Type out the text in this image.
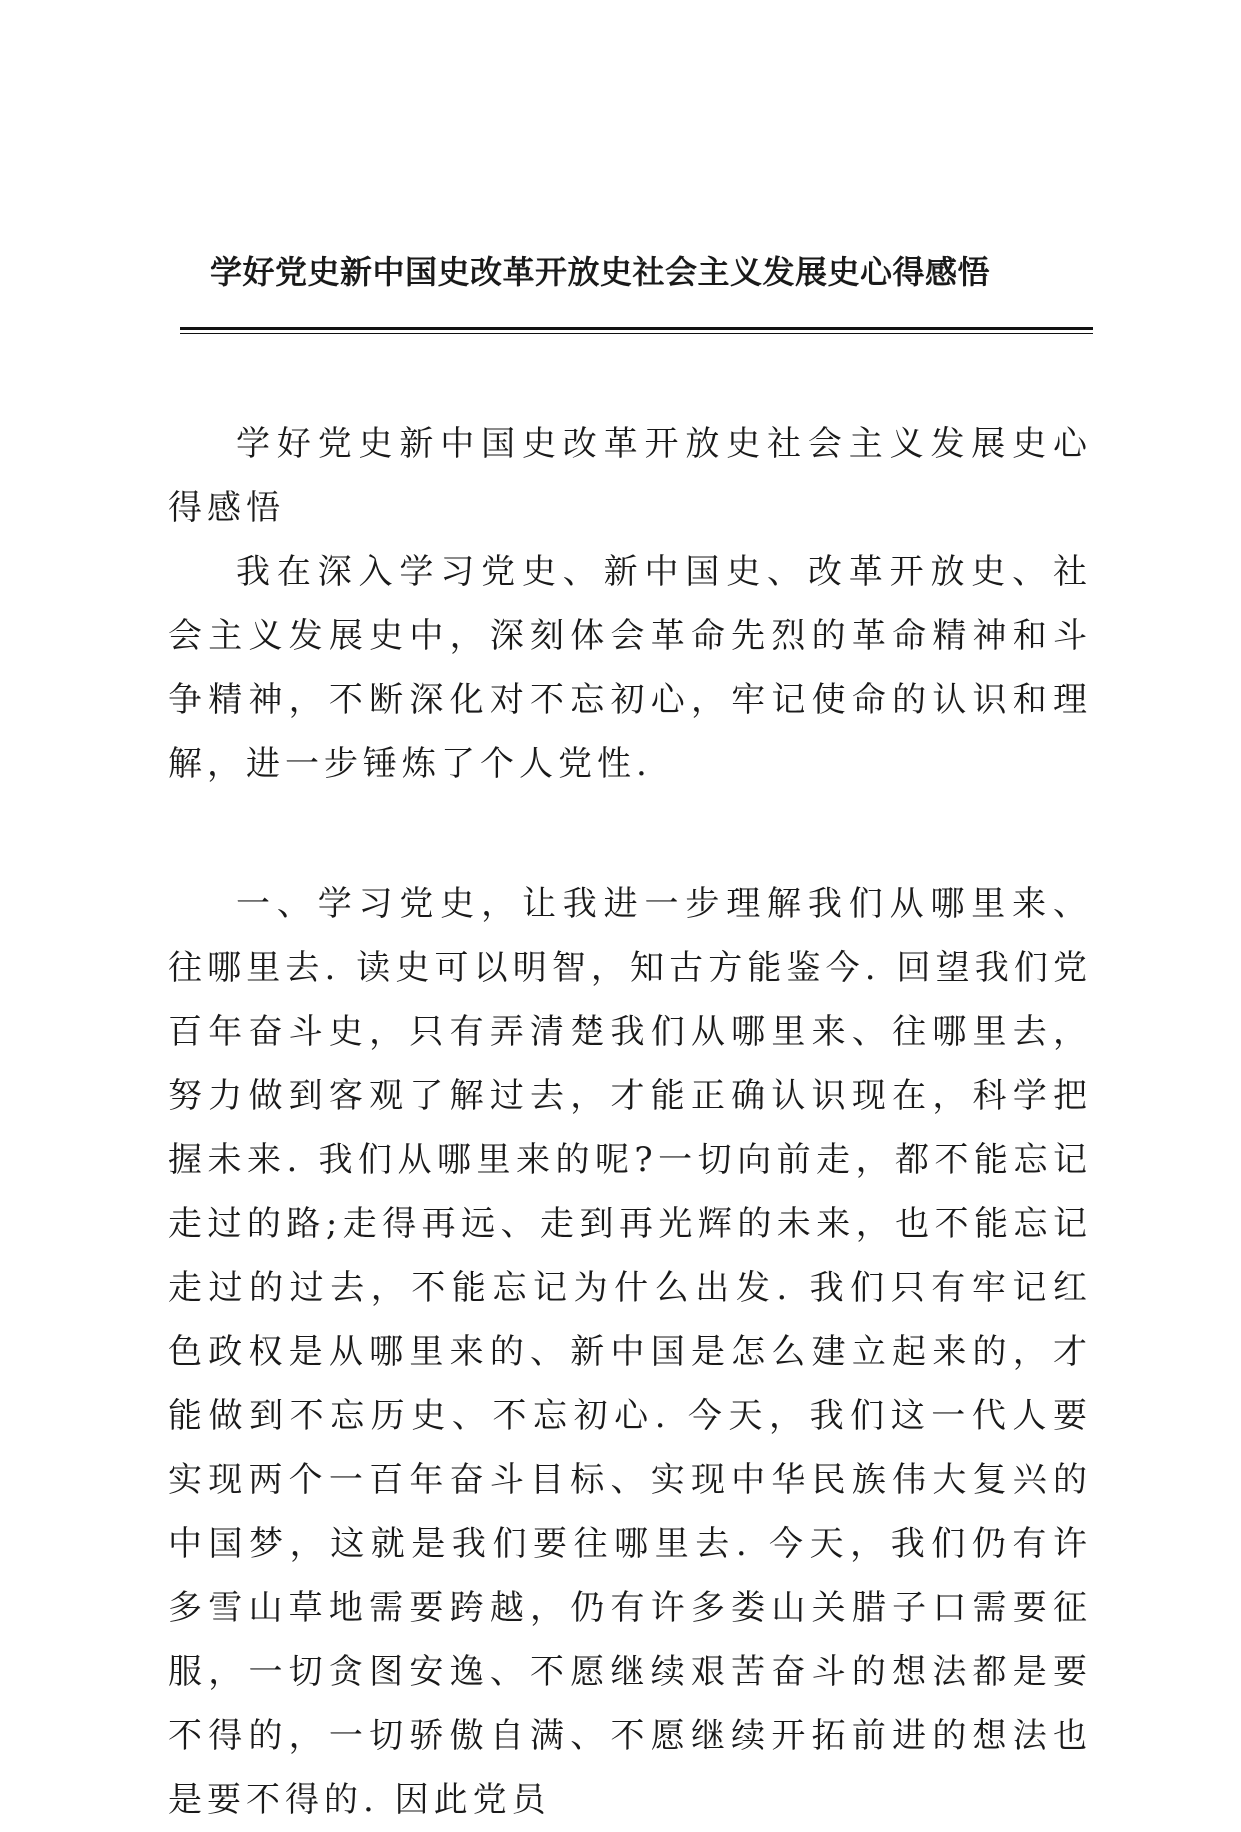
学好党史新中国史改革开放史社会主义发展史心得感悟

学好党史新中国史改革开放史社会主义发展史心得感悟

我在深入学习党史、新中国史、改革开放史、社会主义发展史中，深刻体会革命先烈的革命精神和斗争精神，不断深化对不忘初心，牢记使命的认识和理解，进一步锤炼了个人党性.

一、学习党史，让我进一步理解我们从哪里来、往哪里去. 读史可以明智，知古方能鉴今. 回望我们党百年奋斗史，只有弄清楚我们从哪里来、往哪里去，努力做到客观了解过去，才能正确认识现在，科学把握未来. 我们从哪里来的呢?一切向前走，都不能忘记走过的路;走得再远、走到再光辉的未来，也不能忘记走过的过去，不能忘记为什么出发. 我们只有牢记红色政权是从哪里来的、新中国是怎么建立起来的，才能做到不忘历史、不忘初心. 今天，我们这一代人要实现两个一百年奋斗目标、实现中华民族伟大复兴的中国梦，这就是我们要往哪里去. 今天，我们仍有许多雪山草地需要跨越，仍有许多娄山关腊子口需要征服，一切贪图安逸、不愿继续艰苦奋斗的想法都是要不得的，一切骄傲自满、不愿继续开拓前进的想法也是要不得的. 因此党员
